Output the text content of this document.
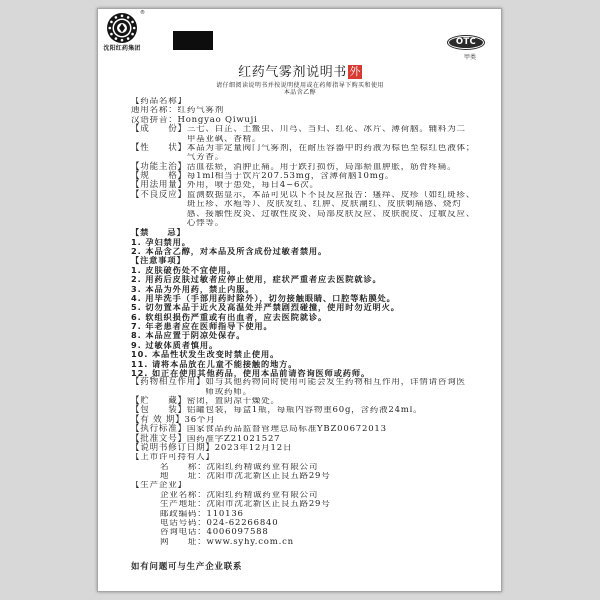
®
沈阳红药集团
OTC
甲类
红药气雾剂说明书 外
请仔细阅读说明书并按说明使用或在药师指导下购买和使用
本品含乙醇
【药品名称】
通用名称：红药气雾剂
汉语拼音：Hongyao Qiwuji
【成　　份】 三七、白芷、土鳖虫、川芎、当归、红花、冰片、薄荷脑。辅料为二
甲基亚砜、香精。
【性　　状】 本品为非定量阀门气雾剂，在耐压容器中的药液为棕色至棕红色液体；
气芳香。
【功能主治】 活血祛瘀，消肿止痛。用于跌打损伤，局部瘀血肿胀，筋骨疼痛。
【规　　格】 每1ml相当于饮片207.53mg，含薄荷脑10mg。
【用法用量】 外用，喷于患处，每日4~6次。
【不良反应】 监测数据显示，本品可见以下不良反应报告：瘙痒、皮疹（如红斑疹、
斑丘疹、水疱等）、皮肤发红、红肿、皮肤潮红、皮肤刺痛感、烧灼
感、接触性皮炎、过敏性皮炎、局部皮肤反应、皮肤脱皮、过敏反应、
心悸等。
【禁　　忌】
1. 孕妇禁用。
2. 本品含乙醇，对本品及所含成份过敏者禁用。
【注意事项】
1. 皮肤破伤处不宜使用。
2. 用药后皮肤过敏者应停止使用，症状严重者应去医院就诊。
3. 本品为外用药，禁止内服。
4. 用毕洗手（手部用药时除外），切勿接触眼睛、口腔等粘膜处。
5. 切勿置本品于近火及高温处并严禁剧烈碰撞，使用时勿近明火。
6. 软组织损伤严重或有出血者，应去医院就诊。
7. 年老患者应在医师指导下使用。
8. 本品应置于阴凉处保存。
9. 过敏体质者慎用。
10. 本品性状发生改变时禁止使用。
11. 请将本品放在儿童不能接触的地方。
12. 如正在使用其他药品，使用本品前请咨询医师或药师。
【药物相互作用】 如与其他药物同时使用可能会发生药物相互作用，详情请咨询医
师或药师。
【贮　　藏】 密闭，置阴凉干燥处。
【包　　装】 铝罐包装，每盒1瓶，每瓶内容物重60g，含药液24ml。
【有 效 期】 36个月
【执行标准】 国家食品药品监督管理总局标准YBZ00672013
【批准文号】 国药准字Z21021527
【说明书修订日期】 2023年12月12日
【上市许可持有人】
名　　称：沈阳红药精诚药业有限公司
地　　址：沈阳市沈北新区正良五路29号
【生产企业】
企业名称：沈阳红药精诚药业有限公司
生产地址：沈阳市沈北新区正良五路29号
邮政编码：110136
电话号码：024-62266840
咨询电话：4006097588
网　　址：www.syhy.com.cn
如有问题可与生产企业联系
